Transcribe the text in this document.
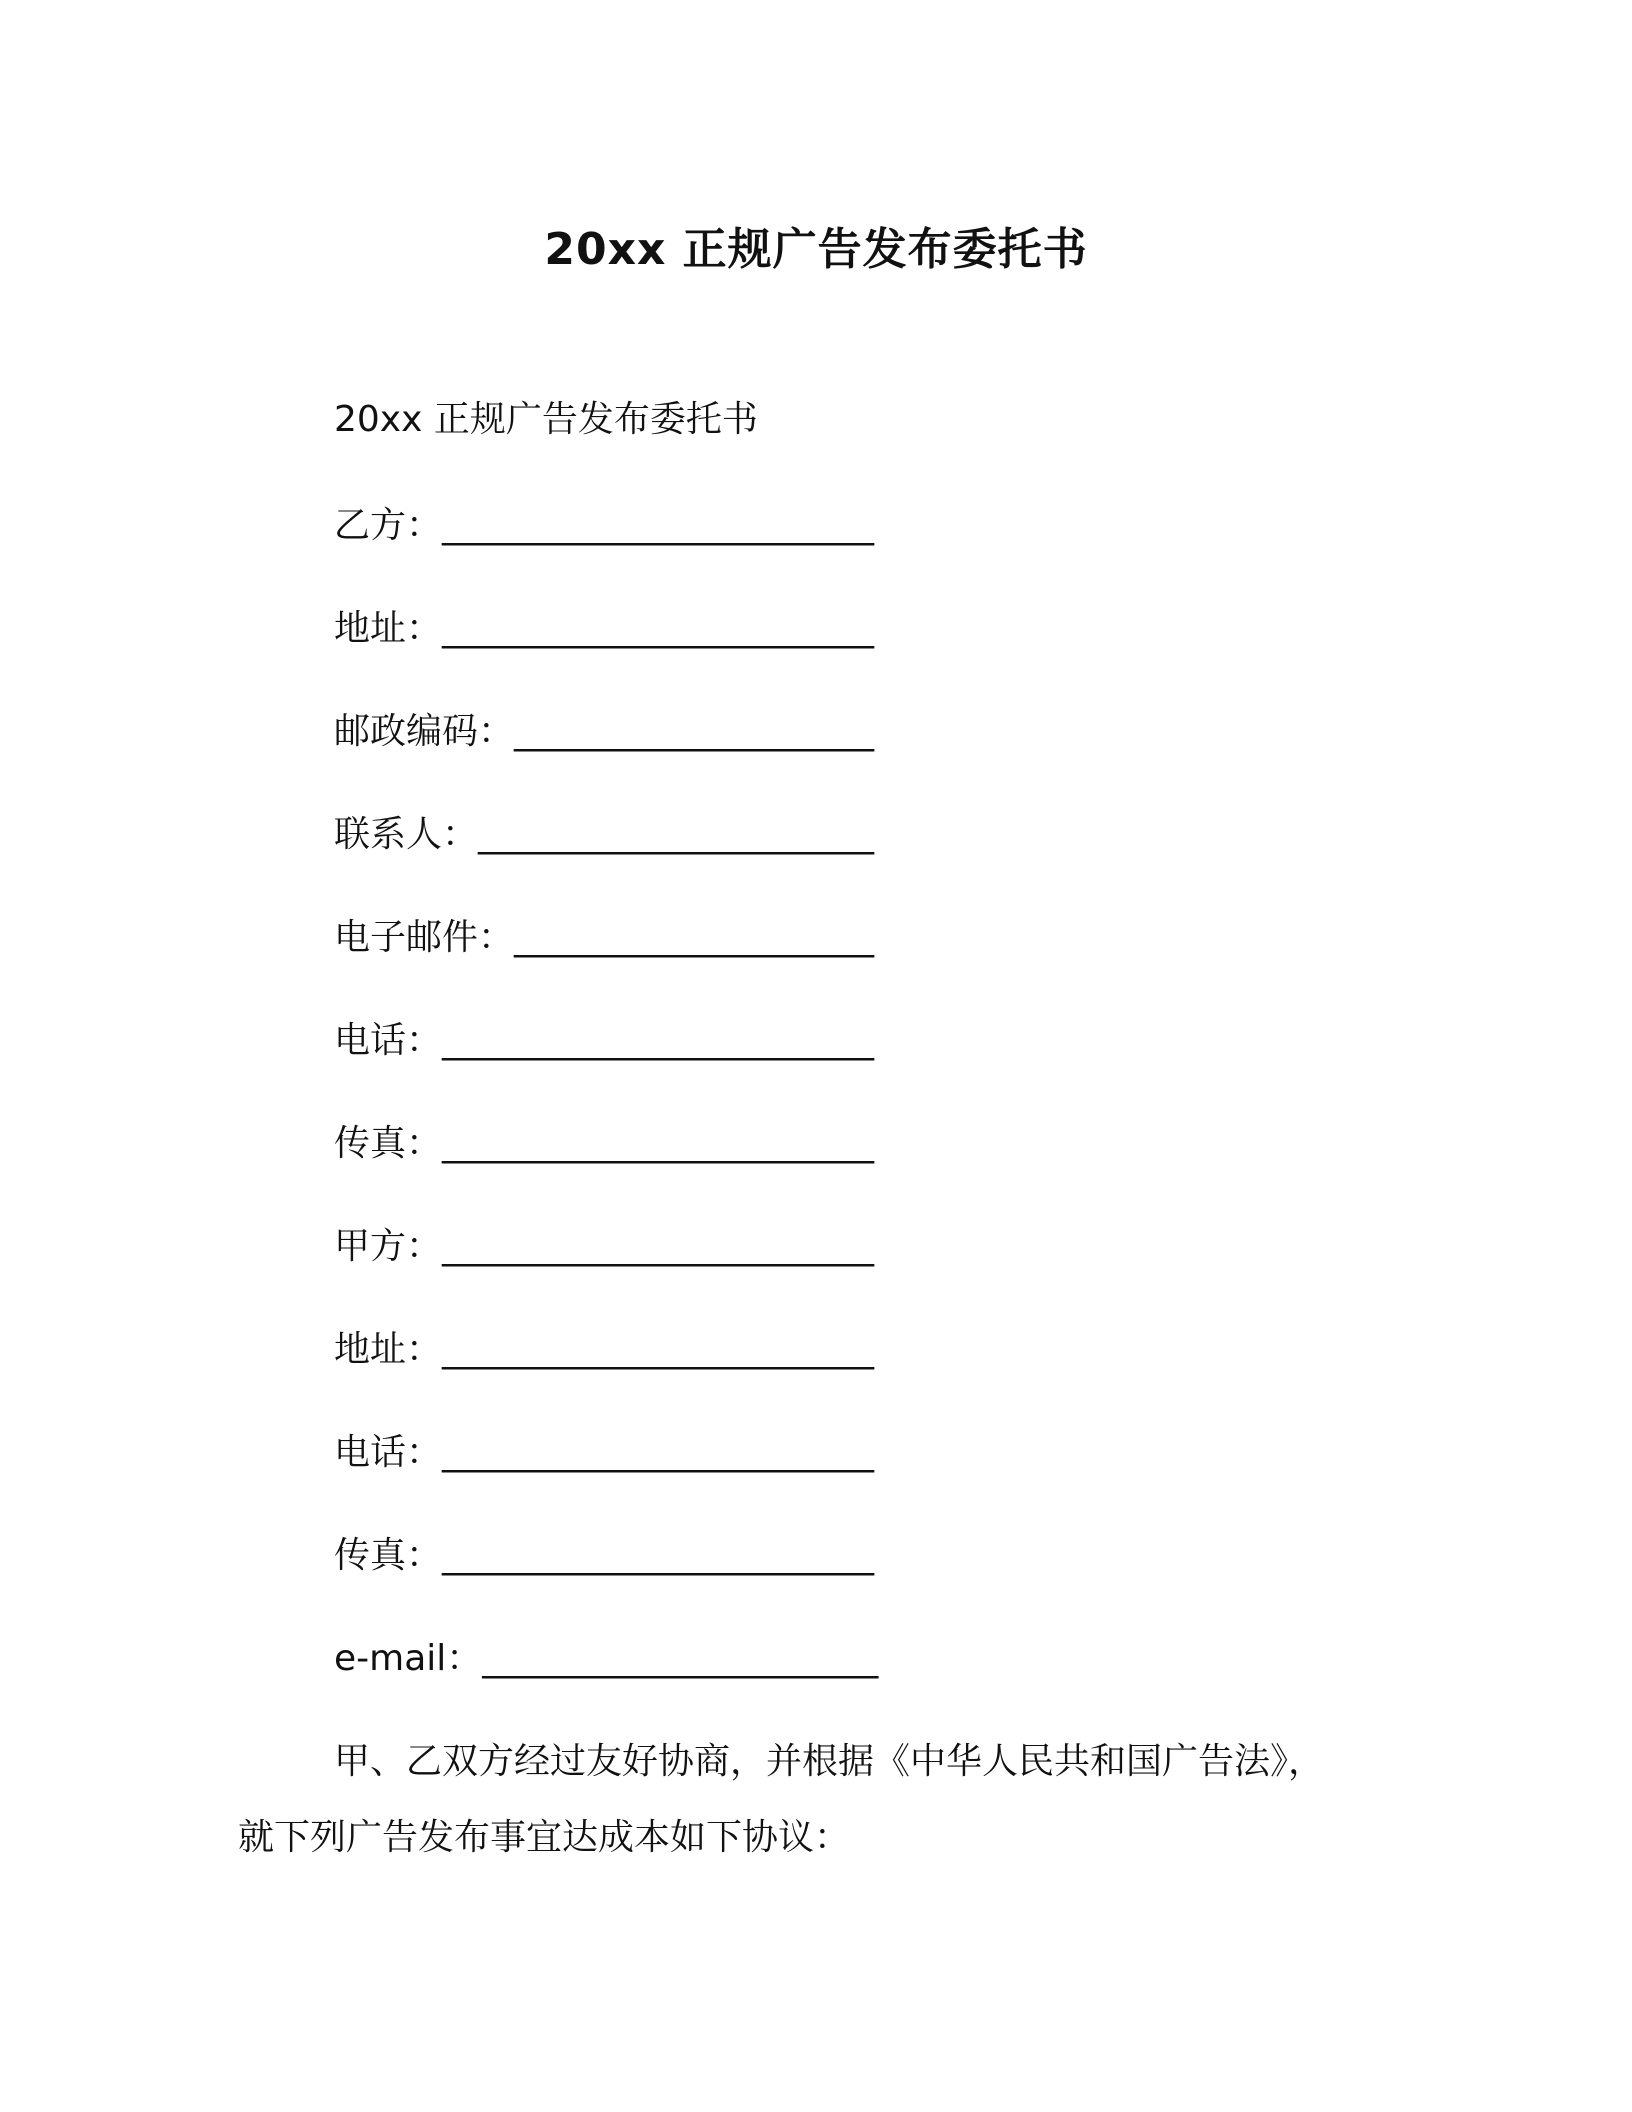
20xx 正规广告发布委托书
20xx 正规广告发布委托书
乙方：________________________
地址：________________________
邮政编码：____________________
联系人：______________________
电子邮件：____________________
电话：________________________
传真：________________________
甲方：________________________
地址：________________________
电话：________________________
传真：________________________
e-mail：______________________
甲、乙双方经过友好协商，并根据《中华人民共和国广告法》，
就下列广告发布事宜达成本如下协议：
